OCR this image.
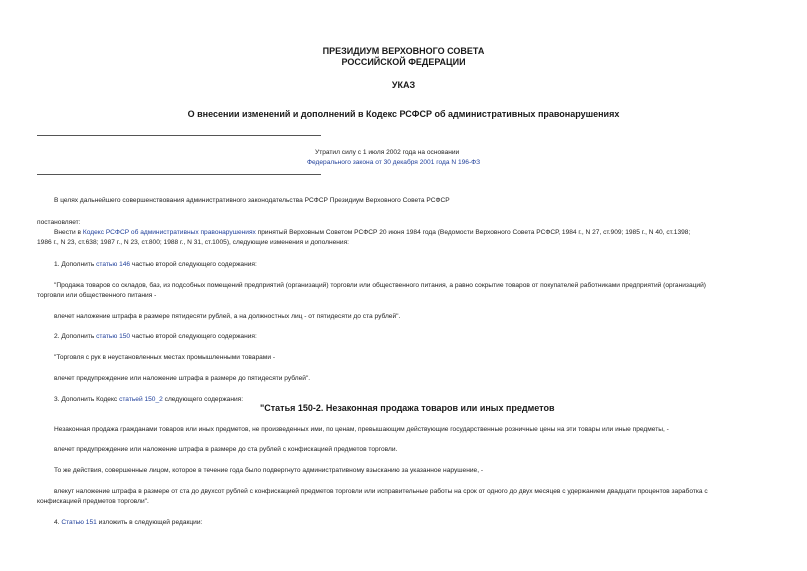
ПРЕЗИДИУМ ВЕРХОВНОГО СОВЕТА
РОССИЙСКОЙ ФЕДЕРАЦИИ
УКАЗ
О внесении изменений и дополнений в Кодекс РСФСР об административных правонарушениях
Утратил силу с 1 июля 2002 года на основании
Федерального закона от 30 декабря 2001 года N 196-ФЗ
В целях дальнейшего совершенствования административного законодательства РСФСР Президиум Верховного Совета РСФСР
постановляет:
Внести в Кодекс РСФСР об административных правонарушениях принятый Верховным Советом РСФСР 20 июня 1984 года (Ведомости Верховного Совета РСФСР, 1984 г., N 27, ст.909; 1985 г., N 40, ст.1398;
1986 г., N 23, ст.638; 1987 г., N 23, ст.800; 1988 г., N 31, ст.1005), следующие изменения и дополнения:
1. Дополнить статью 146 частью второй следующего содержания:
"Продажа товаров со складов, баз, из подсобных помещений предприятий (организаций) торговли или общественного питания, а равно сокрытие товаров от покупателей работниками предприятий (организаций)
торговли или общественного питания -
влечет наложение штрафа в размере пятидесяти рублей, а на должностных лиц - от пятидесяти до ста рублей".
2. Дополнить статью 150 частью второй следующего содержания:
"Торговля с рук в неустановленных местах промышленными товарами -
влечет предупреждение или наложение штрафа в размере до пятидесяти рублей".
3. Дополнить Кодекс статьей 150_2 следующего содержания:
"Статья 150-2. Незаконная продажа товаров или иных предметов
Незаконная продажа гражданами товаров или иных предметов, не произведенных ими, по ценам, превышающим действующие государственные розничные цены на эти товары или иные предметы, -
влечет предупреждение или наложение штрафа в размере до ста рублей с конфискацией предметов торговли.
То же действия, совершенные лицом, которое в течение года было подвергнуто административному взысканию за указанное нарушение, -
влекут наложение штрафа в размере от ста до двухсот рублей с конфискацией предметов торговли или исправительные работы на срок от одного до двух месяцев с удержанием двадцати процентов заработка с
конфискацией предметов торговли".
4. Статью 151 изложить в следующей редакции:
